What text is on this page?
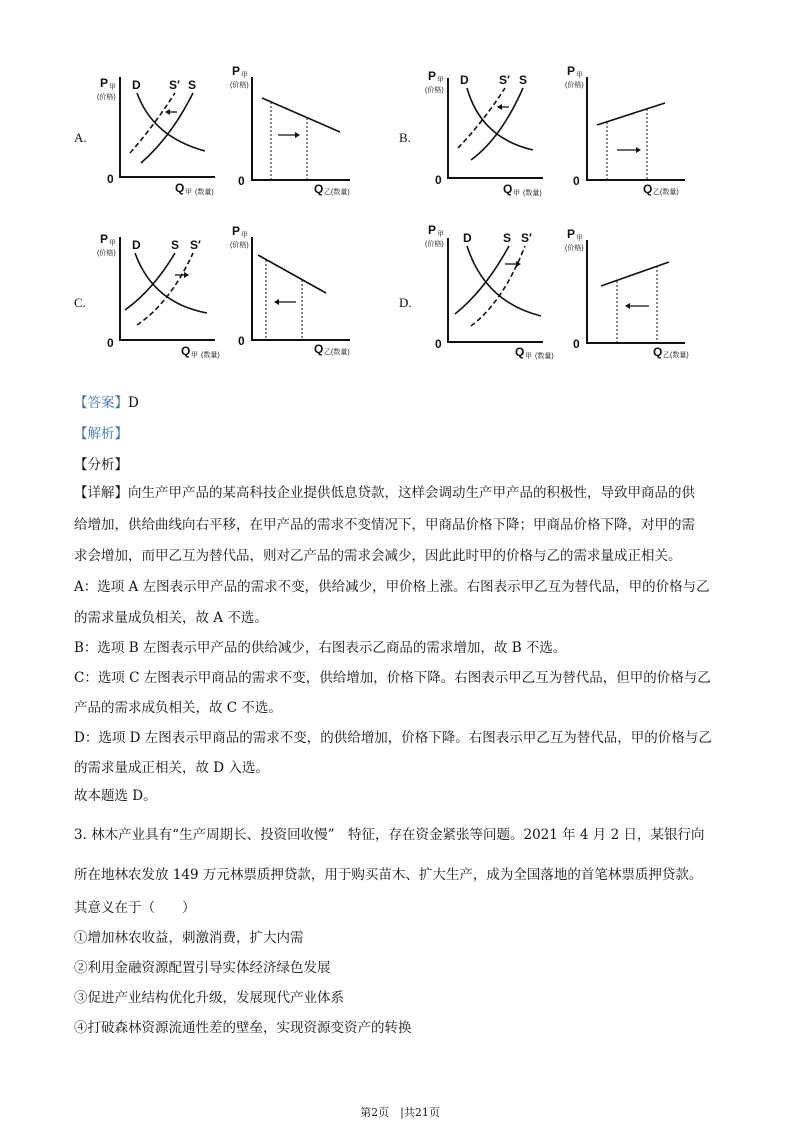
A.
P 甲
(价格)
0
Q 甲 (数量)
D S′ S
P 甲
(价格)
0
Q 乙(数量)
B.
P 甲
(价格)
0
Q 甲 (数量)
D	S′ S
P 甲
(价格)
0
Q 乙(数量)
C.
P 甲
(价格)
0
Q 甲 (数量)
D	S S′
P 甲
(价格)
0
Q 乙(数量)
D.
P 甲
(价格)
0
Q 甲 (数量)
D	S S′	P 甲
(价格)
0
Q 乙(数量)
【答案】D
【解析】
【分析】
【详解】向生产甲产品的某高科技企业提供低息贷款，这样会调动生产甲产品的积极性，导致甲商品的供
给增加，供给曲线向右平移，在甲产品的需求不变情况下，甲商品价格下降；甲商品价格下降，对甲的需
求会增加，而甲乙互为替代品，则对乙产品的需求会减少，因此此时甲的价格与乙的需求量成正相关。
A：选项 A 左图表示甲产品的需求不变，供给减少，甲价格上涨。右图表示甲乙互为替代品，甲的价格与乙
的需求量成负相关，故 A 不选。
B：选项 B 左图表示甲产品的供给减少，右图表示乙商品的需求增加，故 B 不选。
C：选项 C 左图表示甲商品的需求不变，供给增加，价格下降。右图表示甲乙互为替代品，但甲的价格与乙
产品的需求成负相关，故 C 不选。
D：选项 D 左图表示甲商品的需求不变，的供给增加，价格下降。右图表示甲乙互为替代品，甲的价格与乙
的需求量成正相关，故 D 入选。
故本题选 D。
3. 林木产业具有“生产周期长、投资回收慢”　特征，存在资金紧张等问题。2021 年 4 月 2 日，某银行向
所在地林农发放 149 万元林票质押贷款，用于购买苗木、扩大生产，成为全国落地的首笔林票质押贷款。
其意义在于（　　）
①增加林农收益，刺激消费，扩大内需
②利用金融资源配置引导实体经济绿色发展
③促进产业结构优化升级，发展现代产业体系
④打破森林资源流通性差的壁垒，实现资源变资产的转换
第2页　|共21页
